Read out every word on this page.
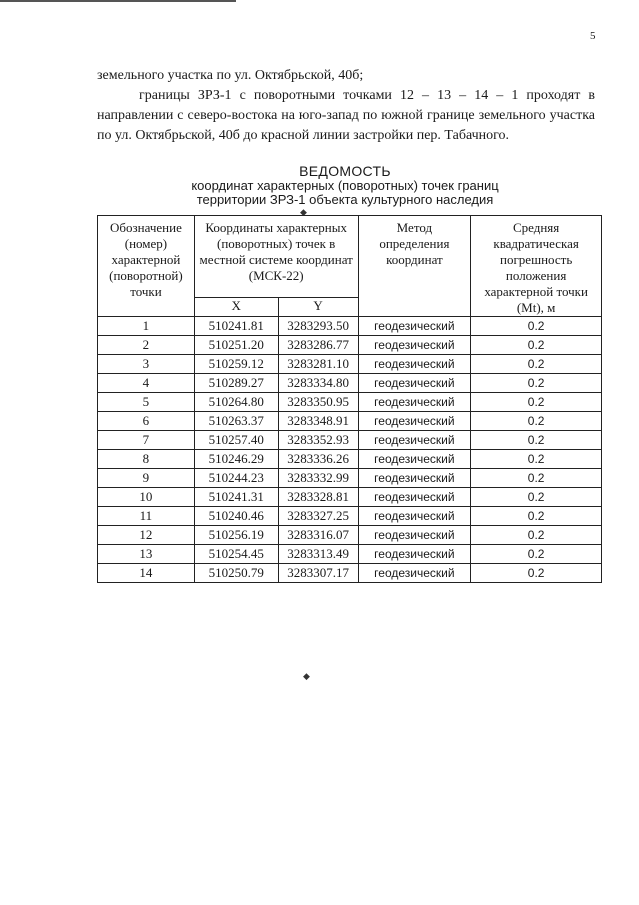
5
земельного участка по ул. Октябрьской, 40б;
границы ЗРЗ-1 с поворотными точками 12 – 13 – 14 – 1 проходят в направлении с северо-востока на юго-запад по южной границе земельного участка по ул. Октябрьской, 40б до красной линии застройки пер. Табачного.
ВЕДОМОСТЬ
координат характерных (поворотных) точек границ
территории ЗРЗ-1 объекта культурного наследия
◆
Обозначение (номер) характерной (поворотной) точки	Координаты характерных (поворотных) точек в местной системе координат (МСК-22)		Метод определения координат	Средняя квадратическая погрешность положения характерной точки (Mt), м
	X	Y		
1	510241.81	3283293.50	геодезический	0.2
2	510251.20	3283286.77	геодезический	0.2
3	510259.12	3283281.10	геодезический	0.2
4	510289.27	3283334.80	геодезический	0.2
5	510264.80	3283350.95	геодезический	0.2
6	510263.37	3283348.91	геодезический	0.2
7	510257.40	3283352.93	геодезический	0.2
8	510246.29	3283336.26	геодезический	0.2
9	510244.23	3283332.99	геодезический	0.2
10	510241.31	3283328.81	геодезический	0.2
11	510240.46	3283327.25	геодезический	0.2
12	510256.19	3283316.07	геодезический	0.2
13	510254.45	3283313.49	геодезический	0.2
14	510250.79	3283307.17	геодезический	0.2
◆
